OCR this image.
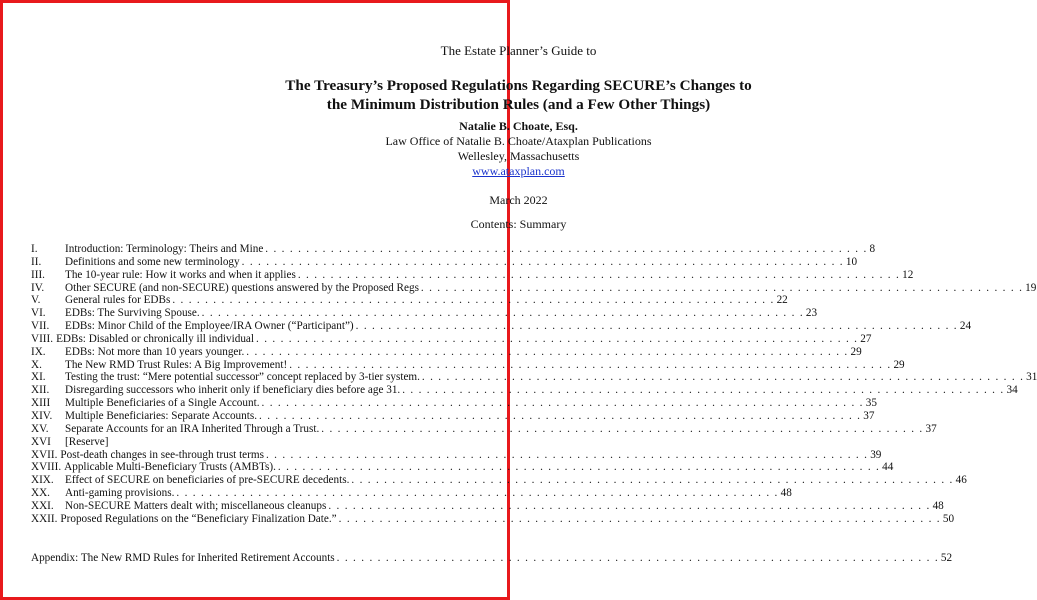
The Estate Planner’s Guide to
The Treasury’s Proposed Regulations Regarding SECURE’s Changes to
the Minimum Distribution Rules (and a Few Other Things)
Natalie B. Choate, Esq.
Law Office of Natalie B. Choate/Ataxplan Publications
Wellesley, Massachusetts
www.ataxplan.com
March 2022
Contents: Summary
I.	Introduction: Terminology: Theirs and Mine . . . . . . . . . . . . . . . . . . . . . . . . . . . . . . . . . . . . . . . . . . . . . . . . . . . . . . . . . . . . . . . . . . . . . . . . . . 8
II.	Definitions and some new terminology . . . . . . . . . . . . . . . . . . . . . . . . . . . . . . . . . . . . . . . . . . . . . . . . . . . . . . . . . . . . . . . . . . . . . . . . . . 10
III.	The 10-year rule: How it works and when it applies . . . . . . . . . . . . . . . . . . . . . . . . . . . . . . . . . . . . . . . . . . . . . . . . . . . . . . . . . . . . . . . . . . . . . . . . . . 12
IV.	Other SECURE (and non-SECURE) questions answered by the Proposed Regs . . . . . . . . . . . . . . . . . . . . . . . . . . . . . . . . . . . . . . . . . . . . . . . . . . . . . . . . . . . . . . . . . . . . . . . . . . 19
V.	General rules for EDBs . . . . . . . . . . . . . . . . . . . . . . . . . . . . . . . . . . . . . . . . . . . . . . . . . . . . . . . . . . . . . . . . . . . . . . . . . . 22
VI.	EDBs: The Surviving Spouse. . . . . . . . . . . . . . . . . . . . . . . . . . . . . . . . . . . . . . . . . . . . . . . . . . . . . . . . . . . . . . . . . . . . . . . . . . . 23
VII.	EDBs: Minor Child of the Employee/IRA Owner (“Participant”) . . . . . . . . . . . . . . . . . . . . . . . . . . . . . . . . . . . . . . . . . . . . . . . . . . . . . . . . . . . . . . . . . . . . . . . . . . 24
VIII. EDBs: Disabled or chronically ill individual . . . . . . . . . . . . . . . . . . . . . . . . . . . . . . . . . . . . . . . . . . . . . . . . . . . . . . . . . . . . . . . . . . . . . . . . . . 27
IX.	EDBs: Not more than 10 years younger. . . . . . . . . . . . . . . . . . . . . . . . . . . . . . . . . . . . . . . . . . . . . . . . . . . . . . . . . . . . . . . . . . . . . . . . . . . 29
X.	The New RMD Trust Rules: A Big Improvement! . . . . . . . . . . . . . . . . . . . . . . . . . . . . . . . . . . . . . . . . . . . . . . . . . . . . . . . . . . . . . . . . . . . . . . . . . . 29
XI.	Testing the trust: “Mere potential successor” concept replaced by 3-tier system. . . . . . . . . . . . . . . . . . . . . . . . . . . . . . . . . . . . . . . . . . . . . . . . . . . . . . . . . . . . . . . . . . . . . . . . . . . 31
XII.	Disregarding successors who inherit only if beneficiary dies before age 31. . . . . . . . . . . . . . . . . . . . . . . . . . . . . . . . . . . . . . . . . . . . . . . . . . . . . . . . . . . . . . . . . . . . . . . . . . . 34
XIII	Multiple Beneficiaries of a Single Account. . . . . . . . . . . . . . . . . . . . . . . . . . . . . . . . . . . . . . . . . . . . . . . . . . . . . . . . . . . . . . . . . . . . . . . . . . . 35
XIV.	Multiple Beneficiaries: Separate Accounts. . . . . . . . . . . . . . . . . . . . . . . . . . . . . . . . . . . . . . . . . . . . . . . . . . . . . . . . . . . . . . . . . . . . . . . . . . . 37
XV.	Separate Accounts for an IRA Inherited Through a Trust. . . . . . . . . . . . . . . . . . . . . . . . . . . . . . . . . . . . . . . . . . . . . . . . . . . . . . . . . . . . . . . . . . . . . . . . . . . 37
XVI	[Reserve]
XVII. Post-death changes in see-through trust terms . . . . . . . . . . . . . . . . . . . . . . . . . . . . . . . . . . . . . . . . . . . . . . . . . . . . . . . . . . . . . . . . . . . . . . . . . . 39
XVIII. Applicable Multi-Beneficiary Trusts (AMBTs). . . . . . . . . . . . . . . . . . . . . . . . . . . . . . . . . . . . . . . . . . . . . . . . . . . . . . . . . . . . . . . . . . . . . . . . . . . 44
XIX.	Effect of SECURE on beneficiaries of pre-SECURE decedents. . . . . . . . . . . . . . . . . . . . . . . . . . . . . . . . . . . . . . . . . . . . . . . . . . . . . . . . . . . . . . . . . . . . . . . . . . . 46
XX.	Anti-gaming provisions. . . . . . . . . . . . . . . . . . . . . . . . . . . . . . . . . . . . . . . . . . . . . . . . . . . . . . . . . . . . . . . . . . . . . . . . . . . 48
XXI.	Non-SECURE Matters dealt with; miscellaneous cleanups . . . . . . . . . . . . . . . . . . . . . . . . . . . . . . . . . . . . . . . . . . . . . . . . . . . . . . . . . . . . . . . . . . . . . . . . . . 48
XXII. Proposed Regulations on the “Beneficiary Finalization Date.” . . . . . . . . . . . . . . . . . . . . . . . . . . . . . . . . . . . . . . . . . . . . . . . . . . . . . . . . . . . . . . . . . . . . . . . . . . 50
Appendix: The New RMD Rules for Inherited Retirement Accounts . . . . . . . . . . . . . . . . . . . . . . . . . . . . . . . . . . . . . . . . . . . . . . . . . . . . . . . . . . . . . . . . . . . . . . . . . . 52
